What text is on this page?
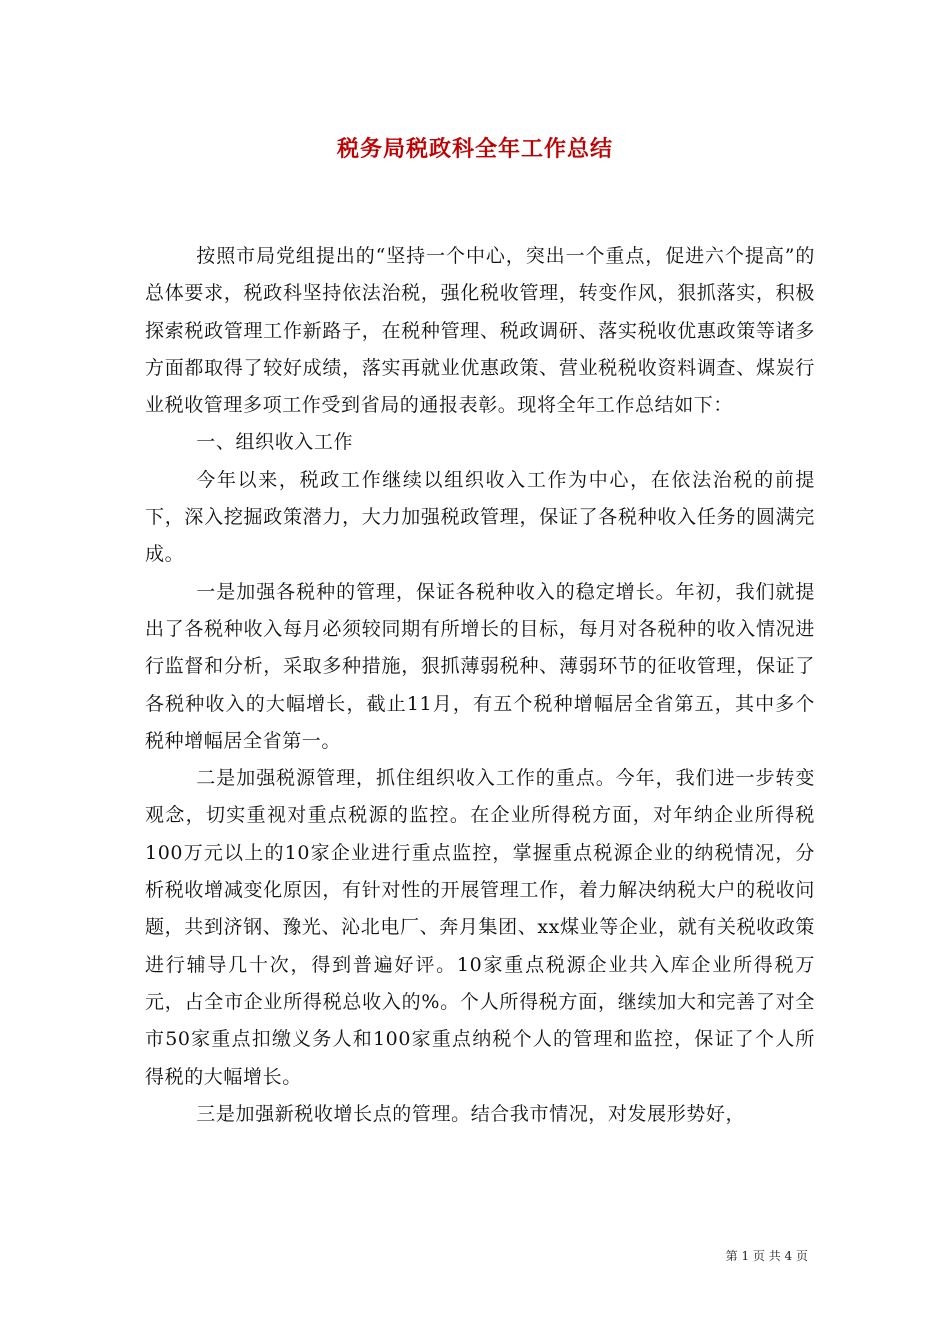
税务局税政科全年工作总结

按照市局党组提出的“坚持一个中心，突出一个重点，促进六个提高”的总体要求，税政科坚持依法治税，强化税收管理，转变作风，狠抓落实，积极探索税政管理工作新路子，在税种管理、税政调研、落实税收优惠政策等诸多方面都取得了较好成绩，落实再就业优惠政策、营业税税收资料调查、煤炭行业税收管理多项工作受到省局的通报表彰。现将全年工作总结如下：

一、组织收入工作

今年以来，税政工作继续以组织收入工作为中心，在依法治税的前提下，深入挖掘政策潜力，大力加强税政管理，保证了各税种收入任务的圆满完成。

一是加强各税种的管理，保证各税种收入的稳定增长。年初，我们就提出了各税种收入每月必须较同期有所增长的目标，每月对各税种的收入情况进行监督和分析，采取多种措施，狠抓薄弱税种、薄弱环节的征收管理，保证了各税种收入的大幅增长，截止11月，有五个税种增幅居全省第五，其中多个税种增幅居全省第一。

二是加强税源管理，抓住组织收入工作的重点。今年，我们进一步转变观念，切实重视对重点税源的监控。在企业所得税方面，对年纳企业所得税100万元以上的10家企业进行重点监控，掌握重点税源企业的纳税情况，分析税收增减变化原因，有针对性的开展管理工作，着力解决纳税大户的税收问题，共到济钢、豫光、沁北电厂、奔月集团、xx煤业等企业，就有关税收政策进行辅导几十次，得到普遍好评。10家重点税源企业共入库企业所得税万元，占全市企业所得税总收入的%。个人所得税方面，继续加大和完善了对全市50家重点扣缴义务人和100家重点纳税个人的管理和监控，保证了个人所得税的大幅增长。

三是加强新税收增长点的管理。结合我市情况，对发展形势好，

第 1 页 共 4 页
